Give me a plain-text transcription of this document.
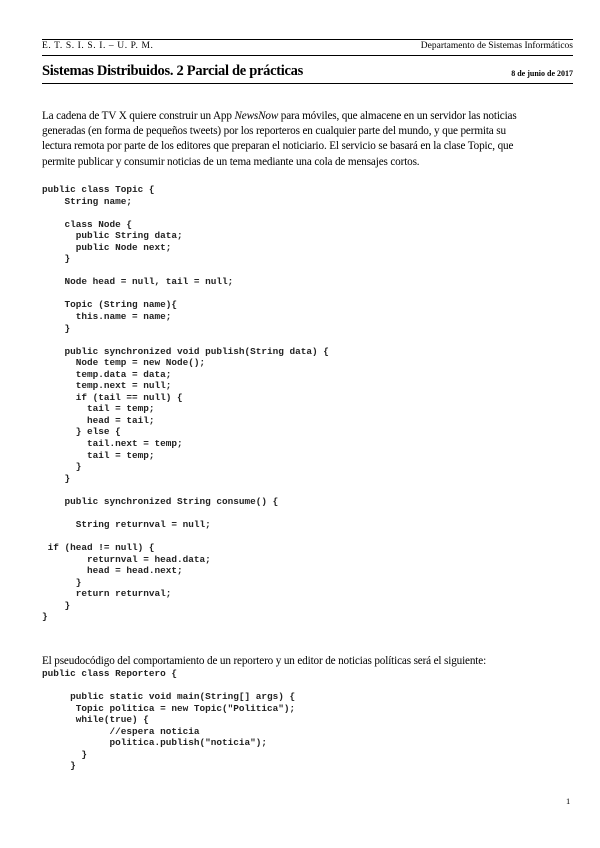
E. T. S. I. S. I. – U. P. M.	Departamento de Sistemas Informáticos
Sistemas Distribuidos. 2 Parcial de prácticas	8 de junio de 2017
La cadena de TV X quiere construir un App NewsNow para móviles, que almacene en un servidor las noticias
generadas (en forma de pequeños tweets) por los reporteros en cualquier parte del mundo, y que permita su
lectura remota por parte de los editores que preparan el noticiario. El servicio se basará en la clase Topic, que
permite publicar y consumir noticias de un tema mediante una cola de mensajes cortos.
public class Topic {
String name;

class Node {
public String data;
public Node next;
}

Node head = null, tail = null;

Topic (String name){
this.name = name;
}

public synchronized void publish(String data) {
Node temp = new Node();
temp.data = data;
temp.next = null;
if (tail == null) {
tail = temp;
head = tail;
} else {
tail.next = temp;
tail = temp;
}
}

public synchronized String consume() {

String returnval = null;

if (head != null) {
returnval = head.data;
head = head.next;
}
return returnval;
}
}
El pseudocódigo del comportamiento de un reportero y un editor de noticias políticas será el siguiente:
public class Reportero {

public static void main(String[] args) {
Topic politica = new Topic("Politica");
while(true) {
//espera noticia
politica.publish("noticia");
}
}
1
